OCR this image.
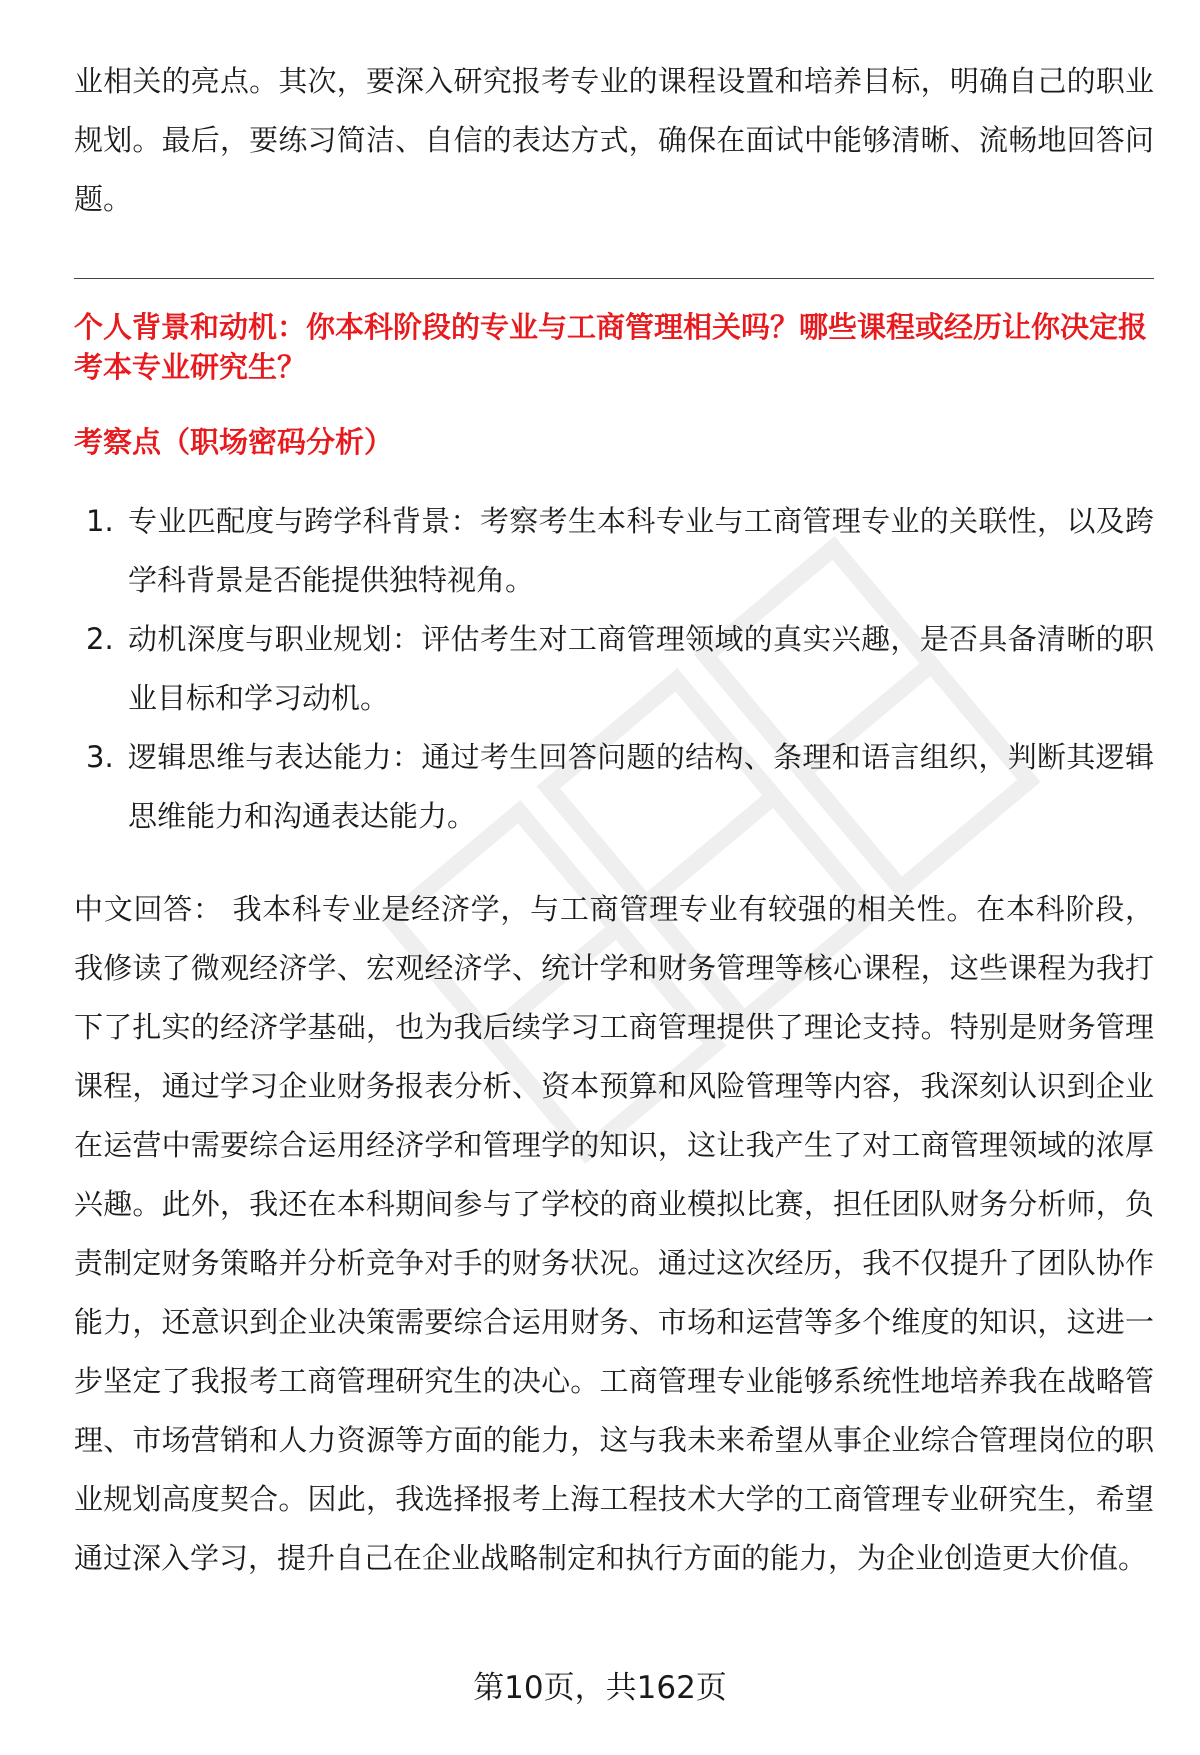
业相关的亮点。其次，要深入研究报考专业的课程设置和培养目标，明确自己的职业规划。最后，要练习简洁、自信的表达方式，确保在面试中能够清晰、流畅地回答问题。

个人背景和动机：你本科阶段的专业与工商管理相关吗？哪些课程或经历让你决定报考本专业研究生？
考察点（职场密码分析）
1. 专业匹配度与跨学科背景：考察考生本科专业与工商管理专业的关联性，以及跨学科背景是否能提供独特视角。
2. 动机深度与职业规划：评估考生对工商管理领域的真实兴趣，是否具备清晰的职业目标和学习动机。
3. 逻辑思维与表达能力：通过考生回答问题的结构、条理和语言组织，判断其逻辑思维能力和沟通表达能力。

中文回答： 我本科专业是经济学，与工商管理专业有较强的相关性。在本科阶段，我修读了微观经济学、宏观经济学、统计学和财务管理等核心课程，这些课程为我打下了扎实的经济学基础，也为我后续学习工商管理提供了理论支持。特别是财务管理课程，通过学习企业财务报表分析、资本预算和风险管理等内容，我深刻认识到企业在运营中需要综合运用经济学和管理学的知识，这让我产生了对工商管理领域的浓厚兴趣。此外，我还在本科期间参与了学校的商业模拟比赛，担任团队财务分析师，负责制定财务策略并分析竞争对手的财务状况。通过这次经历，我不仅提升了团队协作能力，还意识到企业决策需要综合运用财务、市场和运营等多个维度的知识，这进一步坚定了我报考工商管理研究生的决心。工商管理专业能够系统性地培养我在战略管理、市场营销和人力资源等方面的能力，这与我未来希望从事企业综合管理岗位的职业规划高度契合。因此，我选择报考上海工程技术大学的工商管理专业研究生，希望通过深入学习，提升自己在企业战略制定和执行方面的能力，为企业创造更大价值。

第10页，共162页
